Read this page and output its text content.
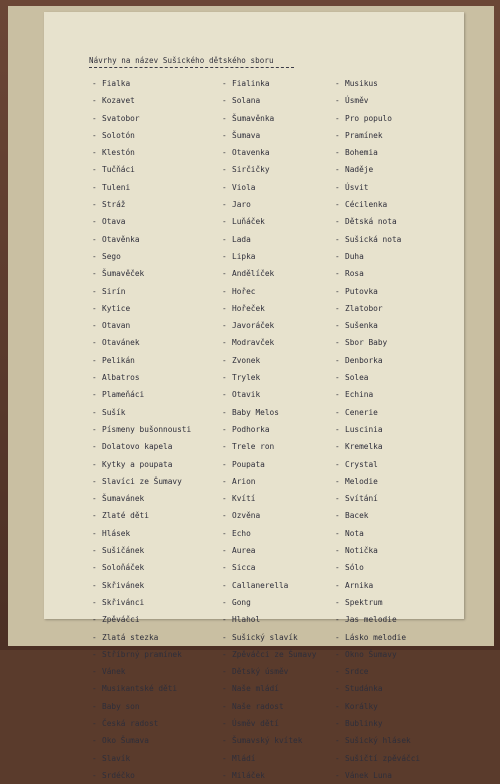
Návrhy na název Sušického dětského sboru
- Fialka
- Kozavet
- Svatobor
- Solotón
- Klestón
- Tučňáci
- Tuleni
- Stráž
- Otava
- Otavěnka
- Sego
- Šumavěček
- Sirín
- Kytice
- Otavan
- Otavánek
- Pelikán
- Albatros
- Plameňáci
- Sušík
- Písmeny bušonnousti
- Dolatovo kapela
- Kytky a poupata
- Slavíci ze Šumavy
- Šumavánek
- Zlaté děti
- Hlásek
- Sušičánek
- Soloňáček
- Skřivánek
- Skřivánci
- Zpěváčci
- Zlatá stezka
- Stříbrný pramínek
- Vánek
- Musikantské děti
- Baby son
- Česká radost
- Oko Šumava
- Slavík
- Srdéčko
- Fialinka
- Solana
- Šumavěnka
- Šumava
- Otavenka
- Sirčičky
- Viola
- Jaro
- Luňáček
- Lada
- Lipka
- Andělíček
- Hořec
- Hořeček
- Javoráček
- Modravček
- Zvonek
- Trylek
- Otavik
- Baby Melos
- Podhorka
- Trele ron
- Poupata
- Arion
- Kvítí
- Ozvěna
- Echo
- Aurea
- Sicca
- Callanerella
- Gong
- Hlahol
- Sušický slavík
- Zpěváčci ze Šumavy
- Dětský úsměv
- Naše mládí
- Naše radost
- Úsměv dětí
- Šumavský kvítek
- Mládí
- Miláček
- Musikus
- Úsměv
- Pro populo
- Pramínek
- Bohemia
- Naděje
- Úsvit
- Cécilenka
- Dětská nota
- Sušická nota
- Duha
- Rosa
- Putovka
- Zlatobor
- Sušenka
- Sbor Baby
- Denborka
- Solea
- Echina
- Cenerie
- Luscinia
- Kremelka
- Crystal
- Melodie
- Svítání
- Bacek
- Nota
- Notička
- Sólo
- Arnika
- Spektrum
- Jas melodie
- Lásko melodie
- Okno Šumavy
- Srdce
- Studánka
- Korálky
- Bublinky
- Sušický hlásek
- Sušičtí zpěváčci
- Vánek Luna
